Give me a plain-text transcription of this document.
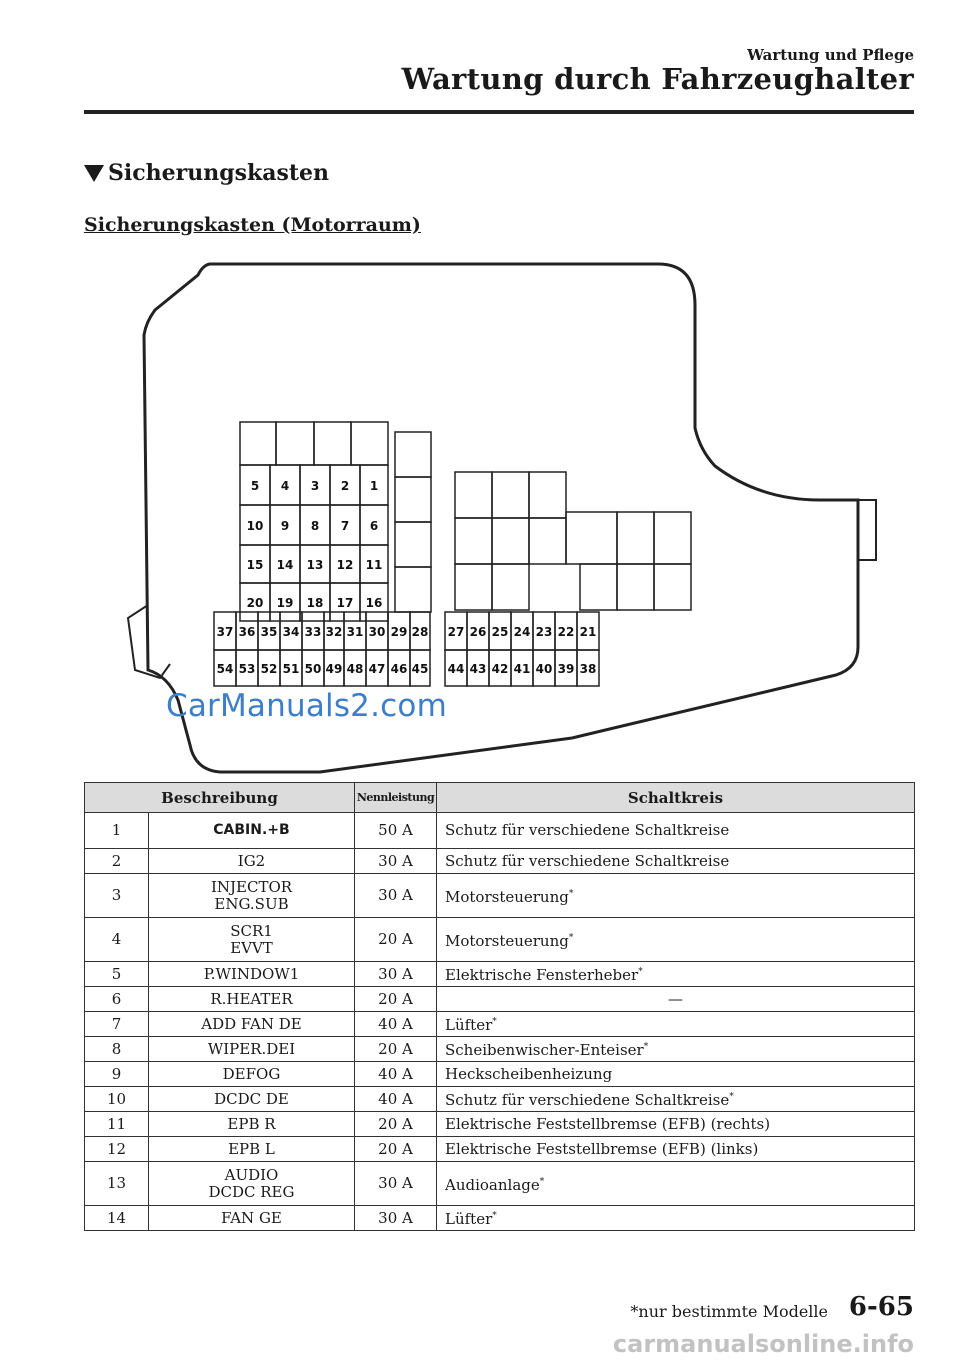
Wartung und Pflege
Wartung durch Fahrzeughalter
Sicherungskasten
Sicherungskasten (Motorraum)
5 4 3 2 1
10 9 8 7 6
15 14 13 12 11
20 19 18 17 16
37 36 35 34 33 32 31 30 29 28
54 53 52 51 50 49 48 47 46 45
27 26 25 24 23 22 21
44 43 42 41 40 39 38
CarManuals2.com
Beschreibung		Nennleistung	Schaltkreis
1	CABIN.+B	50 A	Schutz für verschiedene Schaltkreise
2	IG2	30 A	Schutz für verschiedene Schaltkreise
3	INJECTOR
ENG.SUB	30 A	Motorsteuerung*
4	SCR1
EVVT	20 A	Motorsteuerung*
5	P.WINDOW1	30 A	Elektrische Fensterheber*
6	R.HEATER	20 A	—
7	ADD FAN DE	40 A	Lüfter*
8	WIPER.DEI	20 A	Scheibenwischer-Enteiser*
9	DEFOG	40 A	Heckscheibenheizung
10	DCDC DE	40 A	Schutz für verschiedene Schaltkreise*
11	EPB R	20 A	Elektrische Feststellbremse (EFB) (rechts)
12	EPB L	20 A	Elektrische Feststellbremse (EFB) (links)
13	AUDIO
DCDC REG	30 A	Audioanlage*
14	FAN GE	30 A	Lüfter*
*nur bestimmte Modelle 6-65
carmanualsonline.info
